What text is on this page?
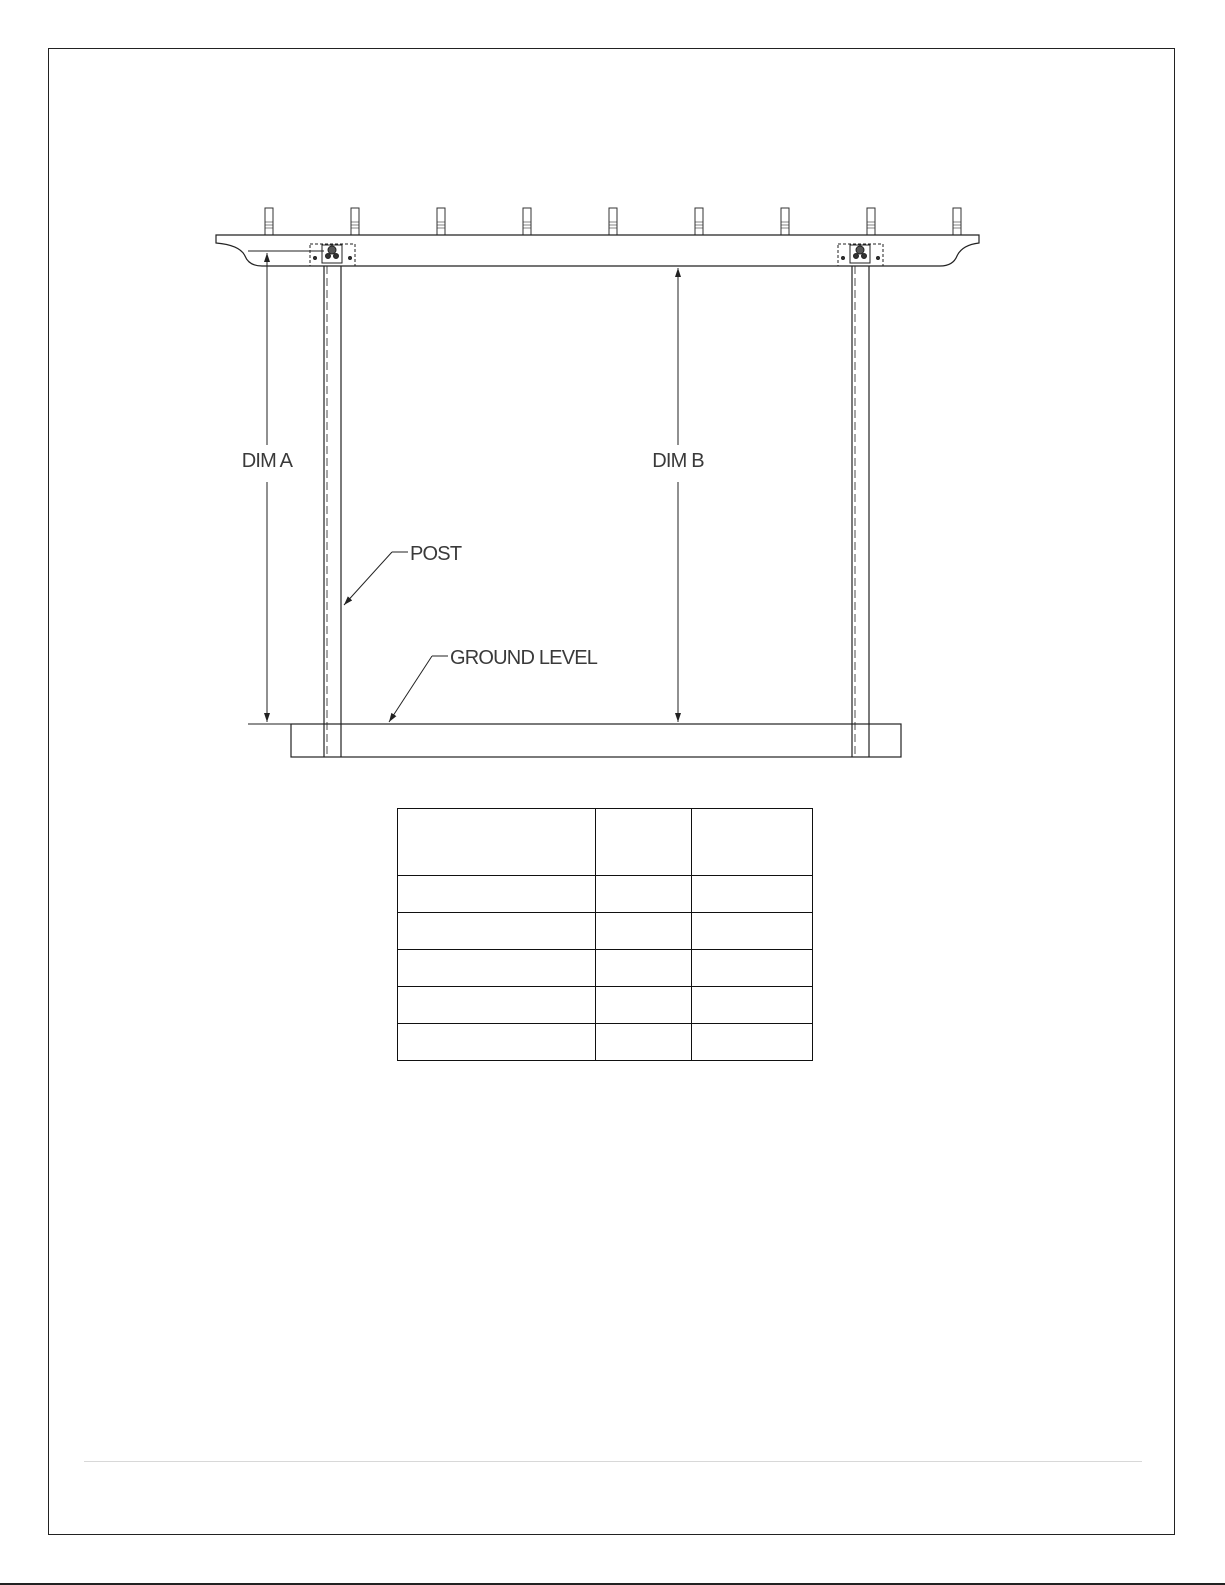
DIM A	DIM B
POST
GROUND LEVEL
